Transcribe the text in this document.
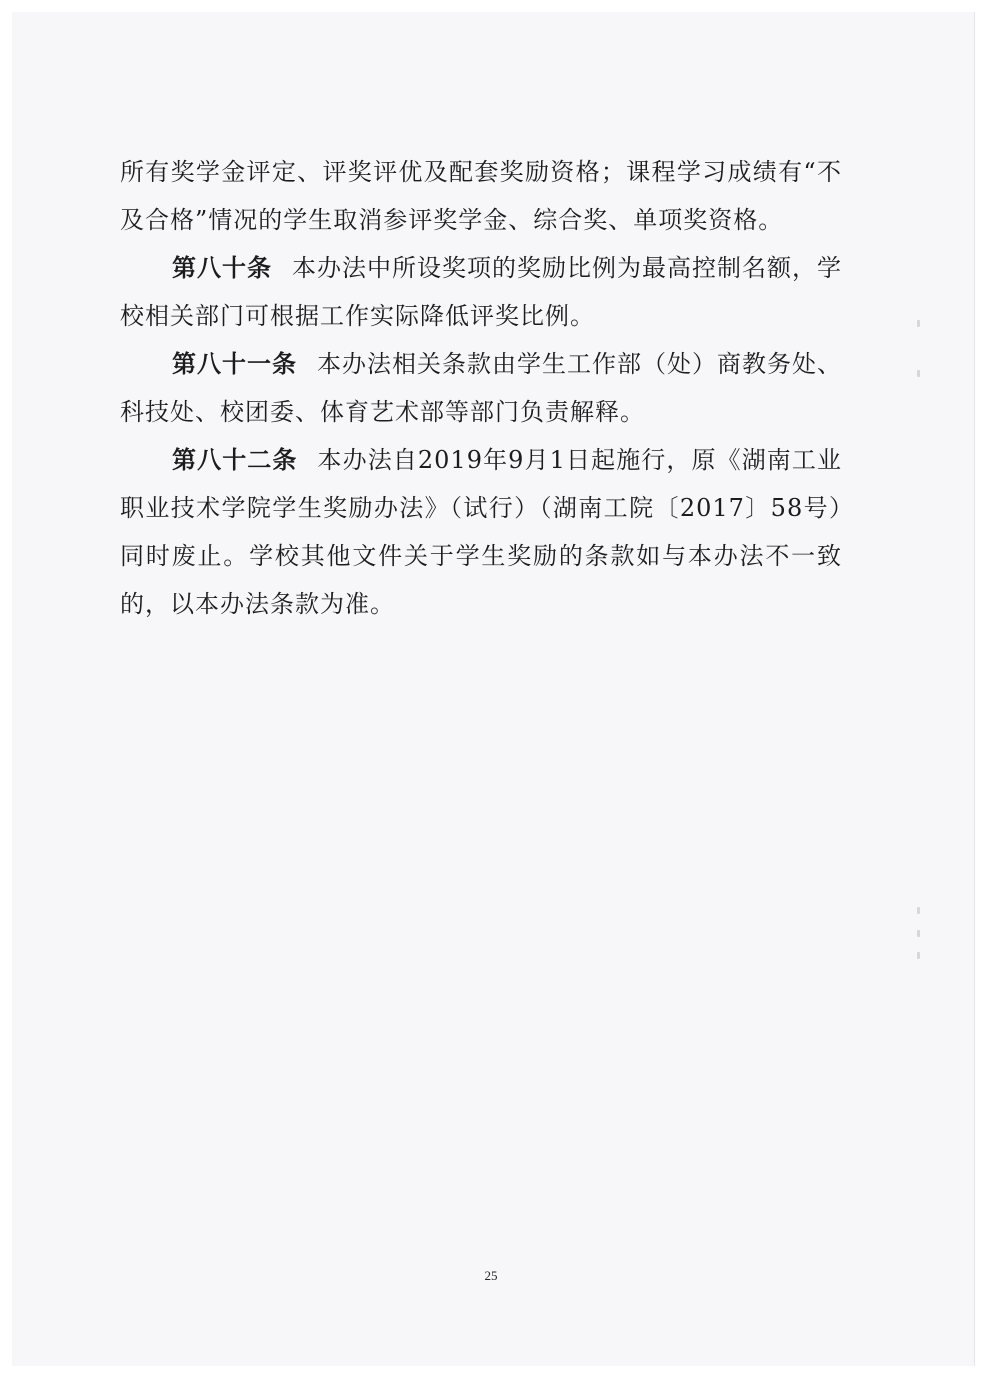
所有奖学金评定、评奖评优及配套奖励资格；课程学习成绩有“不及合格”情况的学生取消参评奖学金、综合奖、单项奖资格。

第八十条 本办法中所设奖项的奖励比例为最高控制名额，学校相关部门可根据工作实际降低评奖比例。

第八十一条 本办法相关条款由学生工作部（处）商教务处、科技处、校团委、体育艺术部等部门负责解释。

第八十二条 本办法自2019年9月1日起施行，原《湖南工业职业技术学院学生奖励办法》（试行）（湖南工院〔2017〕58号）同时废止。学校其他文件关于学生奖励的条款如与本办法不一致的，以本办法条款为准。

25
